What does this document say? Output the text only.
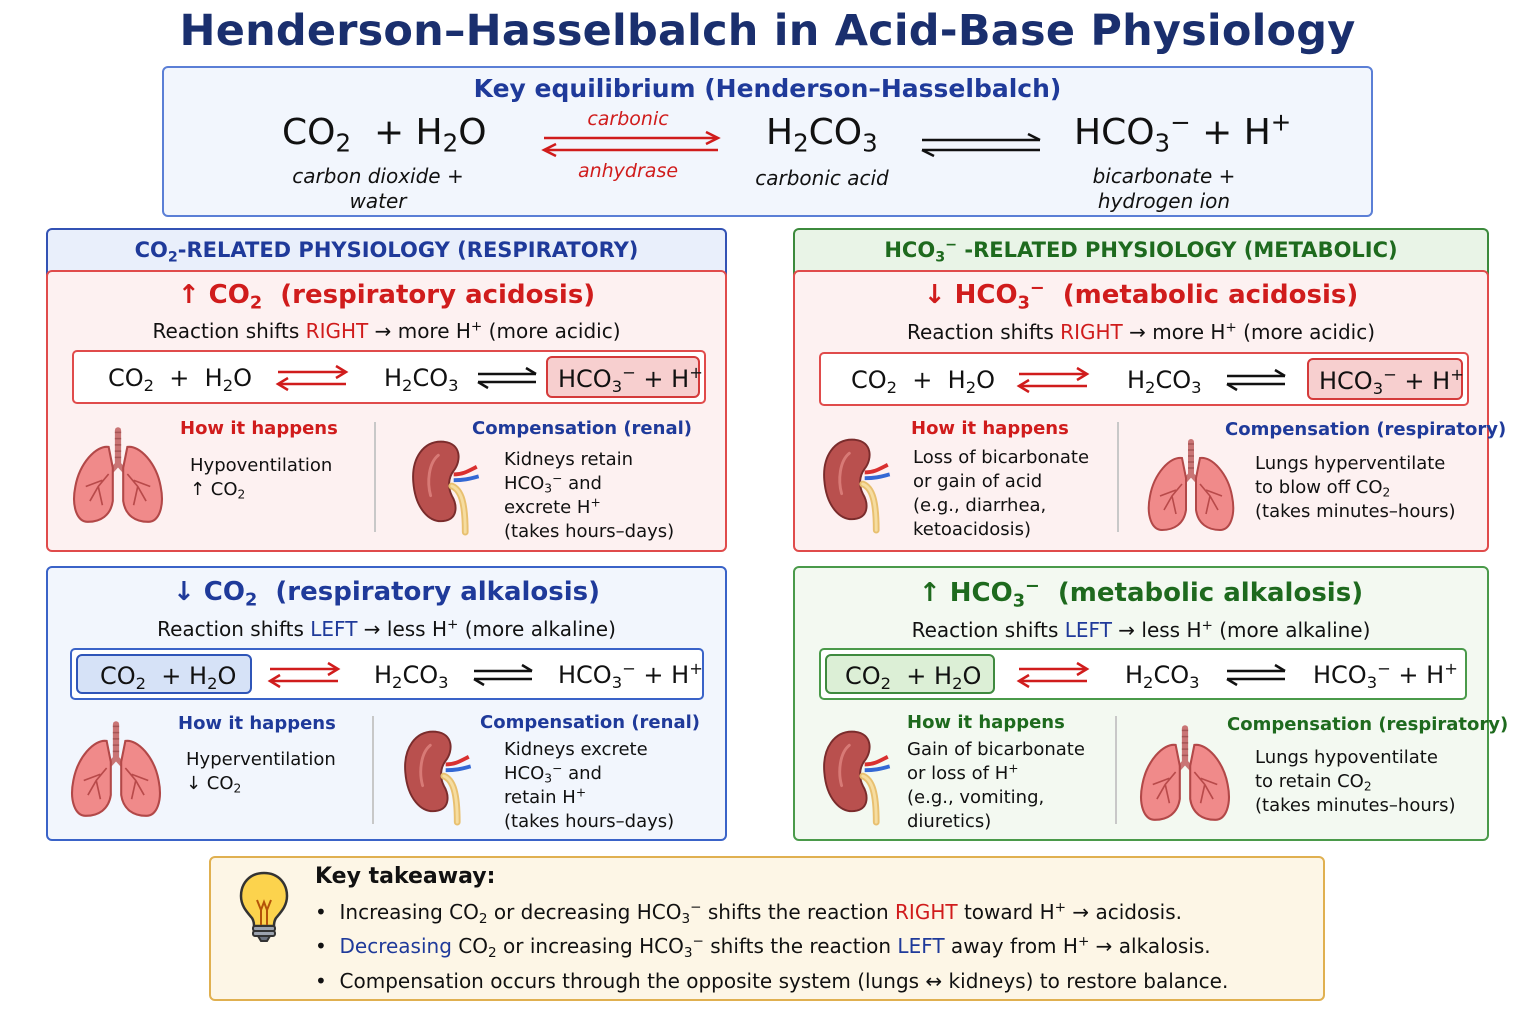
Henderson–Hasselbalch in Acid-Base Physiology
Key equilibrium (Henderson–Hasselbalch)
$CO_2 + H_2O$
carbon dioxide +
water
carbonic
anhydrase
$H_2CO_3$
carbonic acid
$HCO_3^- + H^+$
bicarbonate +
hydrogen ion
$CO_2$-RELATED PHYSIOLOGY (RESPIRATORY)	$HCO_3^-$ -RELATED PHYSIOLOGY (METABOLIC)
↑ $CO_2$ (respiratory acidosis)
Reaction shifts RIGHT → more H+ (more acidic)
$CO_2 + H_2O$	$H_2CO_3$	$HCO_3^- + H^+$
How it happens
Hypoventilation
↑ $CO_2$
Compensation (renal)
Kidneys retain
$HCO_3^-$ and
excrete H+
(takes hours–days)
↓ $HCO_3^-$ (metabolic acidosis)
Reaction shifts RIGHT → more H+ (more acidic)
$CO_2 + H_2O$	$H_2CO_3$	$HCO_3^- + H^+$
How it happens
Loss of bicarbonate
or gain of acid
(e.g., diarrhea,
ketoacidosis)
Compensation (respiratory)
Lungs hyperventilate
to blow off $CO_2$
(takes minutes–hours)
↓ $CO_2$ (respiratory alkalosis)
Reaction shifts LEFT → less H+ (more alkaline)
$CO_2 + H_2O$	$H_2CO_3$	$HCO_3^- + H^+$
How it happens
Hyperventilation
↓ $CO_2$
Compensation (renal)
Kidneys excrete
$HCO_3^-$ and
retain H+
(takes hours–days)
↑ $HCO_3^-$ (metabolic alkalosis)
Reaction shifts LEFT → less H+ (more alkaline)
$CO_2 + H_2O$	$H_2CO_3$	$HCO_3^- + H^+$
How it happens
Gain of bicarbonate
or loss of H+
(e.g., vomiting,
diuretics)
Compensation (respiratory)
Lungs hypoventilate
to retain $CO_2$
(takes minutes–hours)
Key takeaway:
•  Increasing $CO_2$ or decreasing $HCO_3^-$ shifts the reaction RIGHT toward H+ → acidosis.
•  Decreasing $CO_2$ or increasing $HCO_3^-$ shifts the reaction LEFT away from H+ → alkalosis.
•  Compensation occurs through the opposite system (lungs ↔ kidneys) to restore balance.
